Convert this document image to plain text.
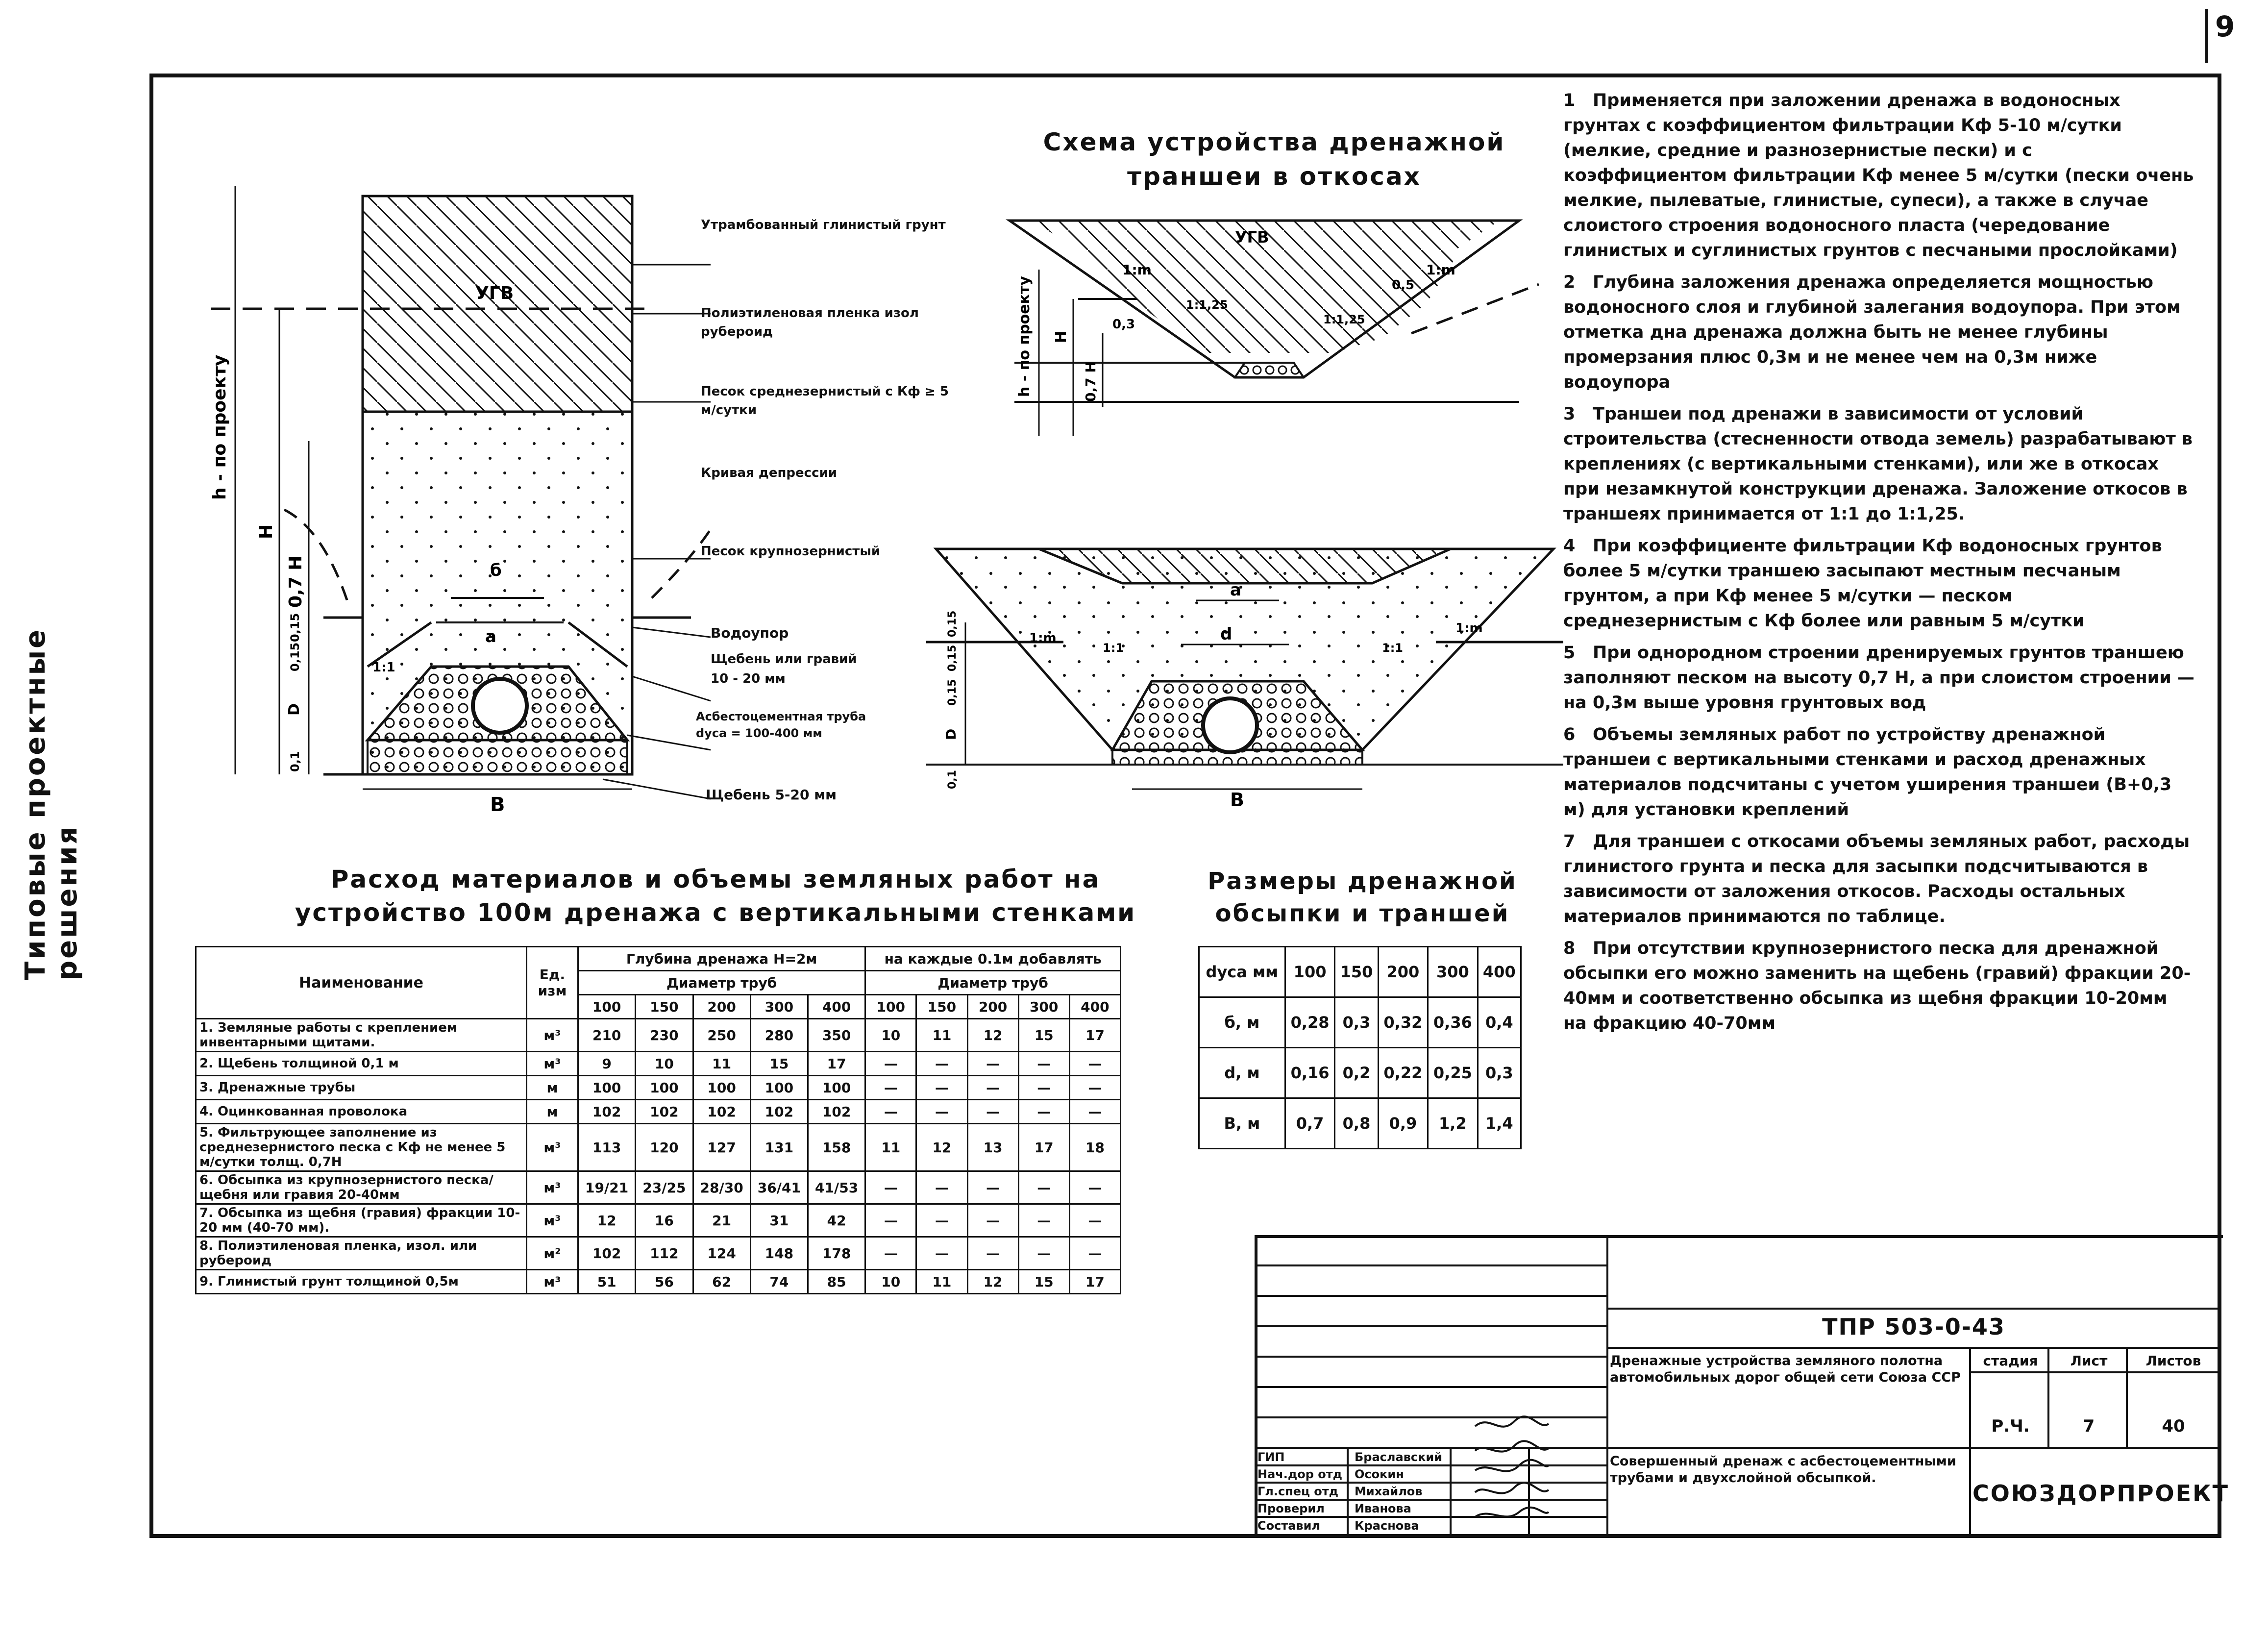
9
Типовые проектные решения
Схема устройства дренажной траншеи в откосах
УГВ
б
a
B
1:1
h - по проекту
H
0,7 H
D
0,15
0,15
0,1
Утрамбованный глинистый грунт
Полиэтиленовая пленка изол рубероид
Песок среднезернистый с Кф ≥ 5 м/сутки
Кривая депрессии
Песок крупнозернистый
Водоупор
Щебень или гравий 10 - 20 мм
Асбестоцементная труба dуса = 100-400 мм
Щебень 5-20 мм
УГВ
1:m	1:m
0,5
0,3
1:1,25
1:1,25
h - по проекту H
0,7 H
a
d
B
1:m
1:m
1:1	1:1
D
0,15
0,15
0,15
0,1

1 Применяется при заложении дренажа в водоносных грунтах с коэффициентом фильтрации Кф 5-10 м/сутки (мелкие, средние и разнозернистые пески) и с коэффициентом фильтрации Кф менее 5 м/сутки (пески очень мелкие, пылеватые, глинистые, супеси), а также в случае слоистого строения водоносного пласта (чередование глинистых и суглинистых грунтов с песчаными прослойками)

2 Глубина заложения дренажа определяется мощностью водоносного слоя и глубиной залегания водоупора. При этом отметка дна дренажа должна быть не менее глубины промерзания плюс 0,3м и не менее чем на 0,3м ниже водоупора

3 Траншеи под дренажи в зависимости от условий строительства (стесненности отвода земель) разрабатывают в креплениях (с вертикальными стенками), или же в откосах при незамкнутой конструкции дренажа. Заложение откосов в траншеях принимается от 1:1 до 1:1,25.

4 При коэффициенте фильтрации Кф водоносных грунтов более 5 м/сутки траншею засыпают местным песчаным грунтом, а при Кф менее 5 м/сутки — песком среднезернистым с Кф более или равным 5 м/сутки

5 При однородном строении дренируемых грунтов траншею заполняют песком на высоту 0,7 H, а при слоистом строении — на 0,3м выше уровня грунтовых вод

6 Объемы земляных работ по устройству дренажной траншеи с вертикальными стенками и расход дренажных материалов подсчитаны с учетом уширения траншеи (B+0,3 м) для установки креплений

7 Для траншеи с откосами объемы земляных работ, расходы глинистого грунта и песка для засыпки подсчитываются в зависимости от заложения откосов. Расходы остальных материалов принимаются по таблице.

8 При отсутствии крупнозернистого песка для дренажной обсыпки его можно заменить на щебень (гравий) фракции 20-40мм и соответственно обсыпка из щебня фракции 10-20мм на фракцию 40-70мм

Расход материалов и объемы земляных работ на
устройство 100м дренажа с вертикальными стенками
Наименование	Ед. изм	Глубина дренажа H=2м					на каждые 0.1м добавлять				
		Диаметр труб					Диаметр труб				
		100	150	200	300	400	100	150	200	300	400
1. Земляные работы с креплением инвентарными щитами.	м³	210	230	250	280	350	10	11	12	15	17
2. Щебень толщиной 0,1 м	м³	9	10	11	15	17	—	—	—	—	—
3. Дренажные трубы	м	100	100	100	100	100	—	—	—	—	—
4. Оцинкованная проволока	м	102	102	102	102	102	—	—	—	—	—
5. Фильтрующее заполнение из среднезернистого песка с Кф не менее 5 м/сутки толщ. 0,7H	м³	113	120	127	131	158	11	12	13	17	18
6. Обсыпка из крупнозернистого песка/щебня или гравия 20-40мм	м³	19/21	23/25	28/30	36/41	41/53	—	—	—	—	—
7. Обсыпка из щебня (гравия) фракции 10-20 мм (40-70 мм).	м³	12	16	21	31	42	—	—	—	—	—
8. Полиэтиленовая пленка, изол. или рубероид	м²	102	112	124	148	178	—	—	—	—	—
9. Глинистый грунт толщиной 0,5м	м³	51	56	62	74	85	10	11	12	15	17
Размеры дренажной
обсыпки и траншей
dуса мм	100	150	200	300	400
б, м	0,28	0,3	0,32	0,36	0,4
d, м	0,16	0,2	0,22	0,25	0,3
B, м	0,7	0,8	0,9	1,2	1,4
ТПР 503-0-43
Дренажные устройства земляного полотна автомобильных дорог общей сети Союза ССР
Совершенный дренаж с асбестоцементными трубами и двухслойной обсыпкой.
стадия	Лист	Листов
Р.Ч.	7	40
СОЮЗДОРПРОЕКТ
ГИП	Браславский
Нач.дор отд	Осокин
Гл.спец отд	Михайлов
Проверил	Иванова
Составил	Краснова
